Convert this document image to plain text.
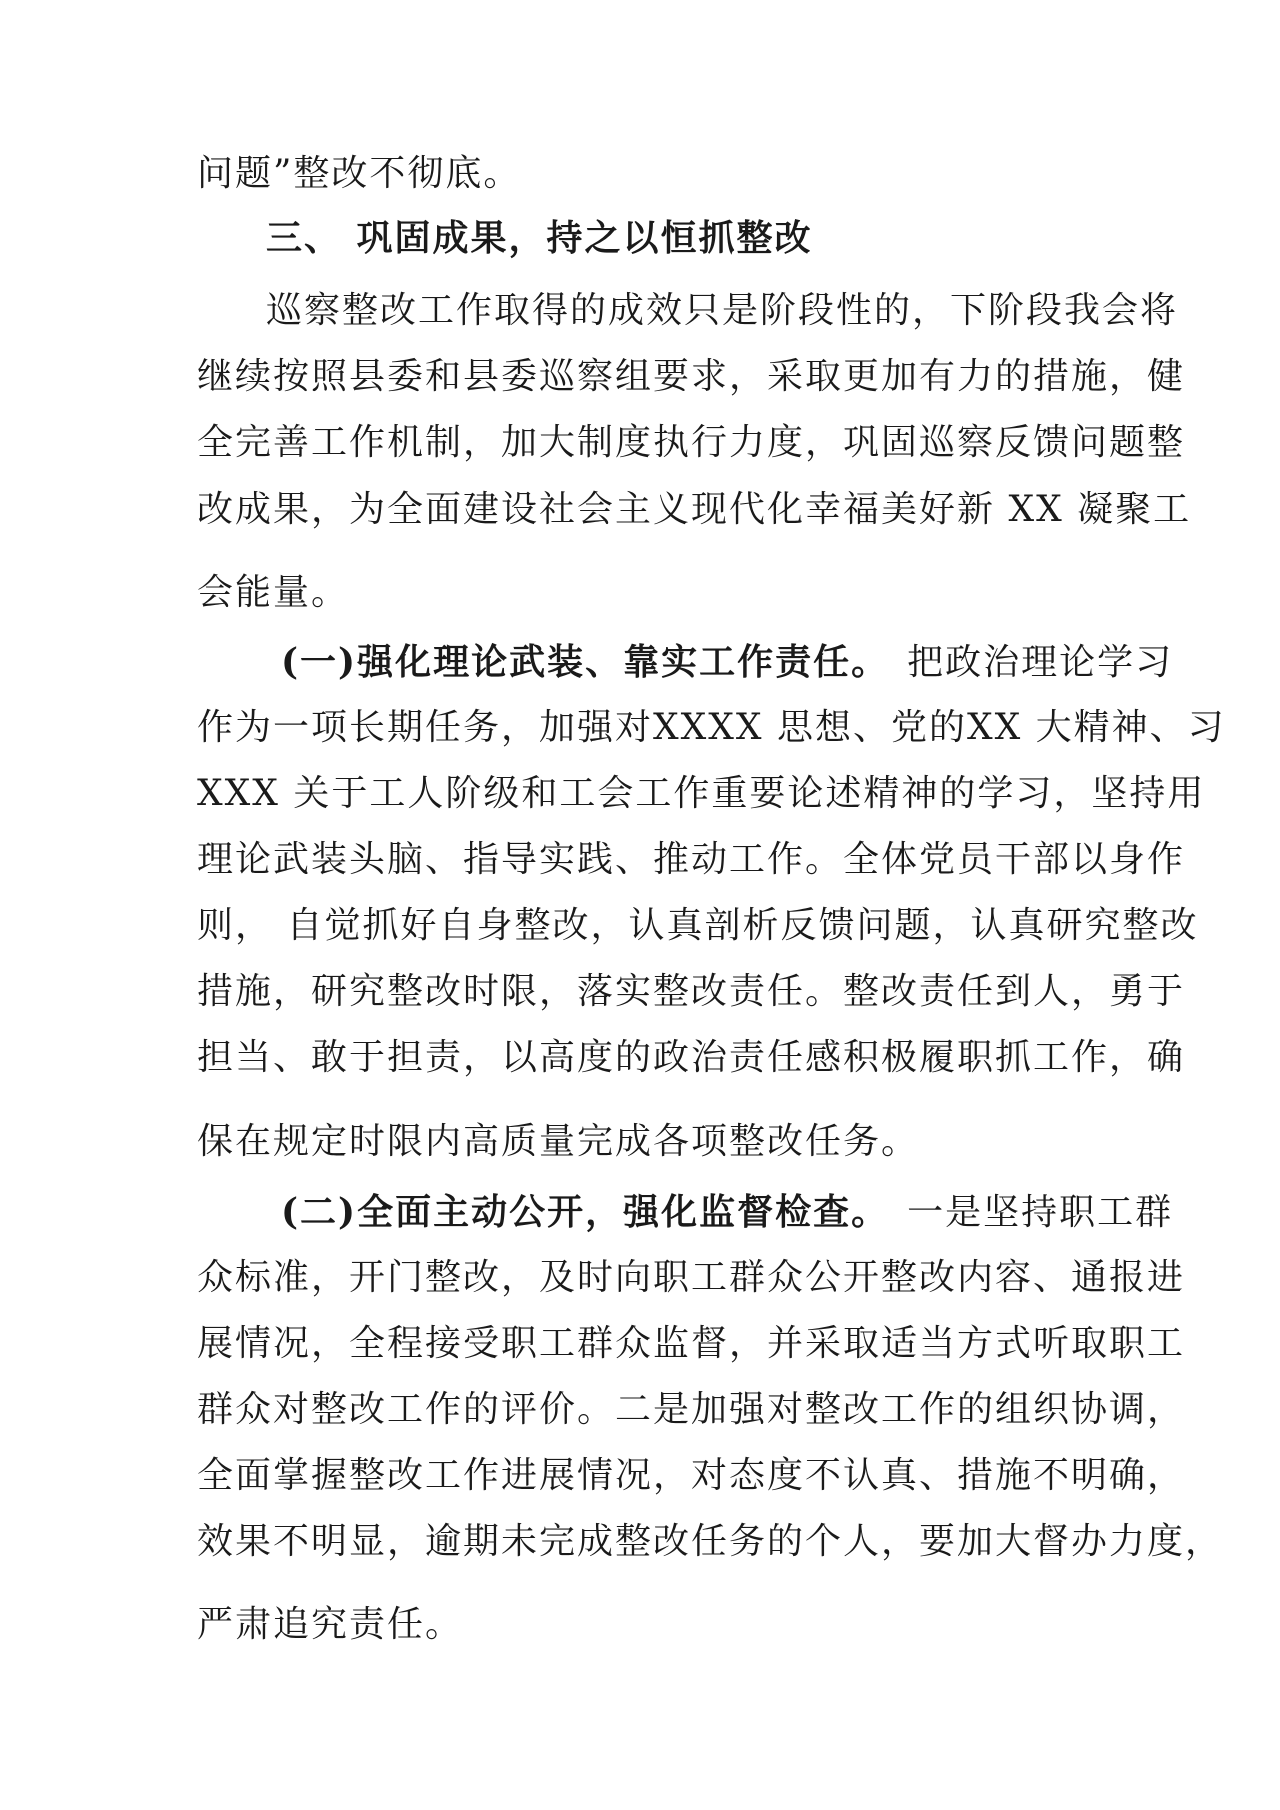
问题”整改不彻底。
三、 巩固成果，持之以恒抓整改
巡察整改工作取得的成效只是阶段性的，下阶段我会将
继续按照县委和县委巡察组要求，采取更加有力的措施，健
全完善工作机制，加大制度执行力度，巩固巡察反馈问题整
改成果，为全面建设社会主义现代化幸福美好新 XX 凝聚工
会能量。
(一)强化理论武装、靠实工作责任。 把政治理论学习
作为一项长期任务，加强对XXXX 思想、党的XX 大精神、习
XXX 关于工人阶级和工会工作重要论述精神的学习，坚持用
理论武装头脑、指导实践、推动工作。全体党员干部以身作
则， 自觉抓好自身整改，认真剖析反馈问题，认真研究整改
措施，研究整改时限，落实整改责任。整改责任到人，勇于
担当、敢于担责，以高度的政治责任感积极履职抓工作，确
保在规定时限内高质量完成各项整改任务。
(二)全面主动公开，强化监督检查。 一是坚持职工群
众标准，开门整改，及时向职工群众公开整改内容、通报进
展情况，全程接受职工群众监督，并采取适当方式听取职工
群众对整改工作的评价。二是加强对整改工作的组织协调，
全面掌握整改工作进展情况，对态度不认真、措施不明确，
效果不明显，逾期未完成整改任务的个人，要加大督办力度，
严肃追究责任。
